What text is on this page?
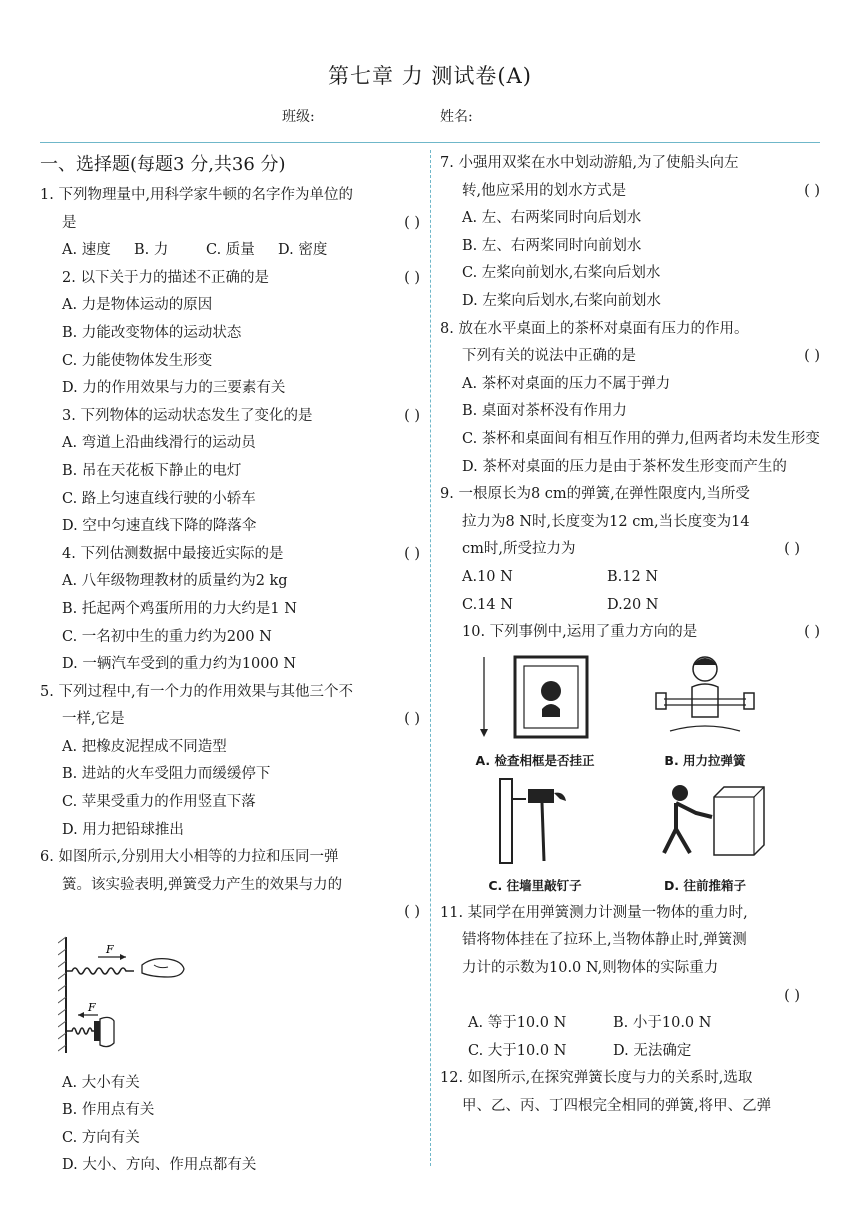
第七章 力 测试卷(A)
班级:	姓名:
一、选择题(每题3 分,共36 分)
1. 下列物理量中,用科学家牛顿的名字作为单位的
是	( )
A. 速度	B. 力	C. 质量	D. 密度
2. 以下关于力的描述不正确的是	( )
A. 力是物体运动的原因
B. 力能改变物体的运动状态
C. 力能使物体发生形变
D. 力的作用效果与力的三要素有关
3. 下列物体的运动状态发生了变化的是	( )
A. 弯道上沿曲线滑行的运动员
B. 吊在天花板下静止的电灯
C. 路上匀速直线行驶的小轿车
D. 空中匀速直线下降的降落伞
4. 下列估测数据中最接近实际的是	( )
A. 八年级物理教材的质量约为2 kg
B. 托起两个鸡蛋所用的力大约是1 N
C. 一名初中生的重力约为200 N
D. 一辆汽车受到的重力约为1000 N
5. 下列过程中,有一个力的作用效果与其他三个不
一样,它是	( )
A. 把橡皮泥捏成不同造型
B. 进站的火车受阻力而缓缓停下
C. 苹果受重力的作用竖直下落
D. 用力把铅球推出
6. 如图所示,分别用大小相等的力拉和压同一弹
簧。该实验表明,弹簧受力产生的效果与力的
( )
F
F
A. 大小有关
B. 作用点有关
C. 方向有关
D. 大小、方向、作用点都有关
7. 小强用双桨在水中划动游船,为了使船头向左
转,他应采用的划水方式是	( )
A. 左、右两桨同时向后划水
B. 左、右两桨同时向前划水
C. 左桨向前划水,右桨向后划水
D. 左桨向后划水,右桨向前划水
8. 放在水平桌面上的茶杯对桌面有压力的作用。
下列有关的说法中正确的是	( )
A. 茶杯对桌面的压力不属于弹力
B. 桌面对茶杯没有作用力
C. 茶杯和桌面间有相互作用的弹力,但两者均未发生形变
D. 茶杯对桌面的压力是由于茶杯发生形变而产生的
9. 一根原长为8 cm的弹簧,在弹性限度内,当所受
拉力为8 N时,长度变为12 cm,当长度变为14
cm时,所受拉力为	( )
A.10 N	B.12 N
C.14 N	D.20 N
10. 下列事例中,运用了重力方向的是	( )
A. 检查相框是否挂正	B. 用力拉弹簧
C. 往墙里敲钉子	D. 往前推箱子
11. 某同学在用弹簧测力计测量一物体的重力时,
错将物体挂在了拉环上,当物体静止时,弹簧测
力计的示数为10.0 N,则物体的实际重力
( )
A. 等于10.0 N	B. 小于10.0 N
C. 大于10.0 N	D. 无法确定
12. 如图所示,在探究弹簧长度与力的关系时,选取
甲、乙、丙、丁四根完全相同的弹簧,将甲、乙弹
